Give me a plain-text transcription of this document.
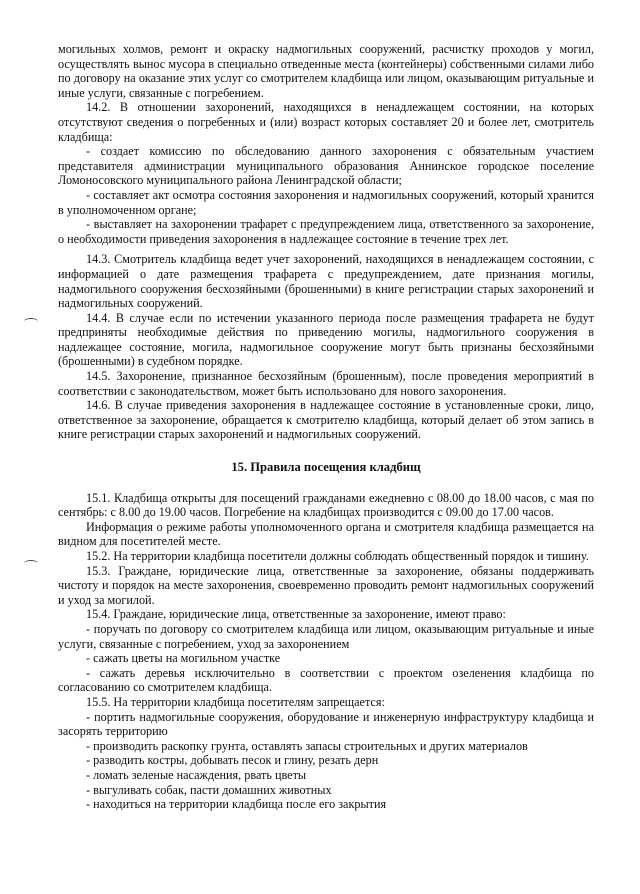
могильных холмов, ремонт и окраску надмогильных сооружений, расчистку проходов у могил, осуществлять вынос мусора в специально отведенные места (контейнеры) собственными силами либо по договору на оказание этих услуг со смотрителем кладбища или лицом, оказывающим ритуальные и иные услуги, связанные с погребением.

14.2. В отношении захоронений, находящихся в ненадлежащем состоянии, на которых отсутствуют сведения о погребенных и (или) возраст которых составляет 20 и более лет, смотритель кладбища:

- создает комиссию по обследованию данного захоронения с обязательным участием представителя администрации муниципального образования Аннинское городское поселение Ломоносовского муниципального района Ленинградской области;

- составляет акт осмотра состояния захоронения и надмогильных сооружений, который хранится в уполномоченном органе;

- выставляет на захоронении трафарет с предупреждением лица, ответственного за захоронение, о необходимости приведения захоронения в надлежащее состояние в течение трех лет.

14.3. Смотритель кладбища ведет учет захоронений, находящихся в ненадлежащем состоянии, с информацией о дате размещения трафарета с предупреждением, дате признания могилы, надмогильного сооружения бесхозяйными (брошенными) в книге регистрации старых захоронений и надмогильных сооружений.

14.4. В случае если по истечении указанного периода после размещения трафарета не будут предприняты необходимые действия по приведению могилы, надмогильного сооружения в надлежащее состояние, могила, надмогильное сооружение могут быть признаны бесхозяйными (брошенными) в судебном порядке.

14.5. Захоронение, признанное бесхозяйным (брошенным), после проведения мероприятий в соответствии с законодательством, может быть использовано для нового захоронения.

14.6. В случае приведения захоронения в надлежащее состояние в установленные сроки, лицо, ответственное за захоронение, обращается к смотрителю кладбища, который делает об этом запись в книге регистрации старых захоронений и надмогильных сооружений.

15. Правила посещения кладбищ

15.1. Кладбища открыты для посещений гражданами ежедневно с 08.00 до 18.00 часов, с мая по сентябрь: с 8.00 до 19.00 часов. Погребение на кладбищах производится с 09.00 до 17.00 часов.

Информация о режиме работы уполномоченного органа и смотрителя кладбища размещается на видном для посетителей месте.

15.2. На территории кладбища посетители должны соблюдать общественный порядок и тишину.

15.3. Граждане, юридические лица, ответственные за захоронение, обязаны поддерживать чистоту и порядок на месте захоронения, своевременно проводить ремонт надмогильных сооружений и уход за могилой.

15.4. Граждане, юридические лица, ответственные за захоронение, имеют право:

- поручать по договору со смотрителем кладбища или лицом, оказывающим ритуальные и иные услуги, связанные с погребением, уход за захоронением

- сажать цветы на могильном участке

- сажать деревья исключительно в соответствии с проектом озеленения кладбища по согласованию со смотрителем кладбища.

15.5. На территории кладбища посетителям запрещается:

- портить надмогильные сооружения, оборудование и инженерную инфраструктуру кладбища и засорять территорию

- производить раскопку грунта, оставлять запасы строительных и других материалов

- разводить костры, добывать песок и глину, резать дерн

- ломать зеленые насаждения, рвать цветы

- выгуливать собак, пасти домашних животных

- находиться на территории кладбища после его закрытия
